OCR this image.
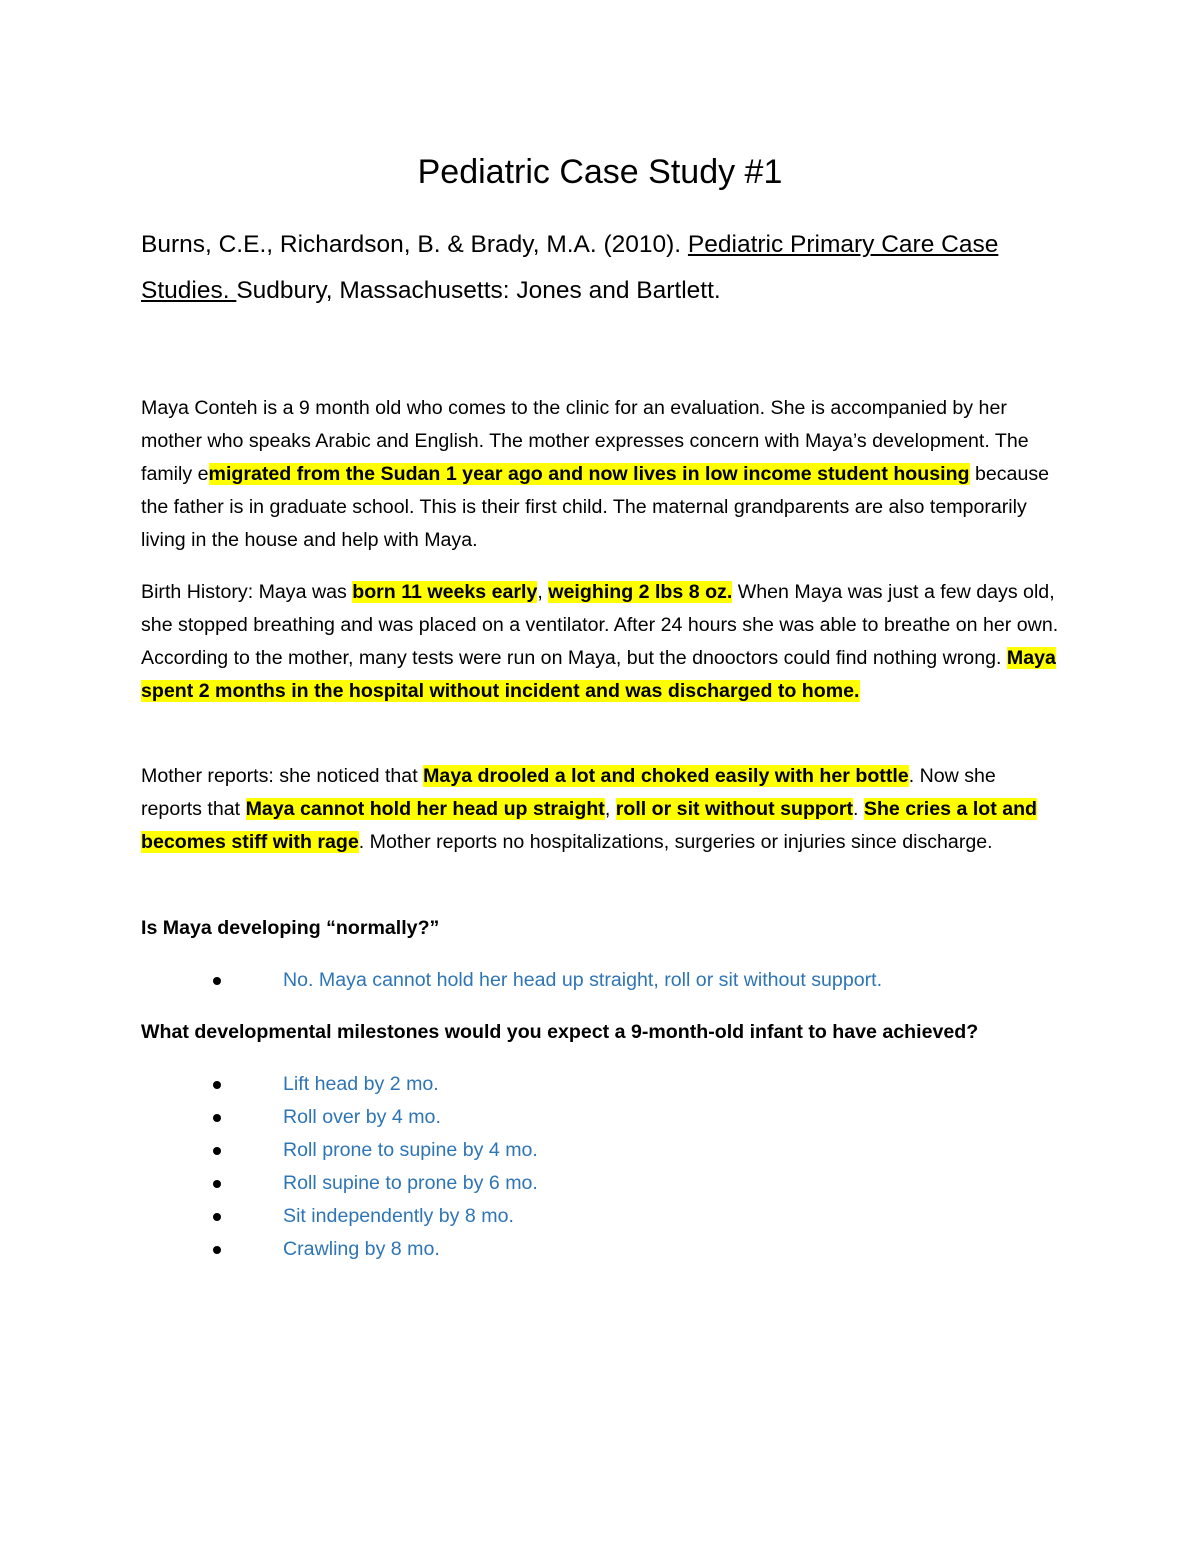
Pediatric Case Study #1

Burns, C.E., Richardson, B. & Brady, M.A. (2010). Pediatric Primary Care Case Studies. Sudbury, Massachusetts: Jones and Bartlett.

Maya Conteh is a 9 month old who comes to the clinic for an evaluation. She is accompanied by her mother who speaks Arabic and English. The mother expresses concern with Maya’s development. The family emigrated from the Sudan 1 year ago and now lives in low income student housing because the father is in graduate school. This is their first child. The maternal grandparents are also temporarily living in the house and help with Maya.

Birth History: Maya was born 11 weeks early, weighing 2 lbs 8 oz. When Maya was just a few days old, she stopped breathing and was placed on a ventilator. After 24 hours she was able to breathe on her own. According to the mother, many tests were run on Maya, but the dnooctors could find nothing wrong. Maya spent 2 months in the hospital without incident and was discharged to home.

Mother reports: she noticed that Maya drooled a lot and choked easily with her bottle. Now she reports that Maya cannot hold her head up straight, roll or sit without support. She cries a lot and becomes stiff with rage. Mother reports no hospitalizations, surgeries or injuries since discharge.

Is Maya developing “normally?”

No. Maya cannot hold her head up straight, roll or sit without support.

What developmental milestones would you expect a 9-month-old infant to have achieved?

Lift head by 2 mo.
Roll over by 4 mo.
Roll prone to supine by 4 mo.
Roll supine to prone by 6 mo.
Sit independently by 8 mo.
Crawling by 8 mo.
